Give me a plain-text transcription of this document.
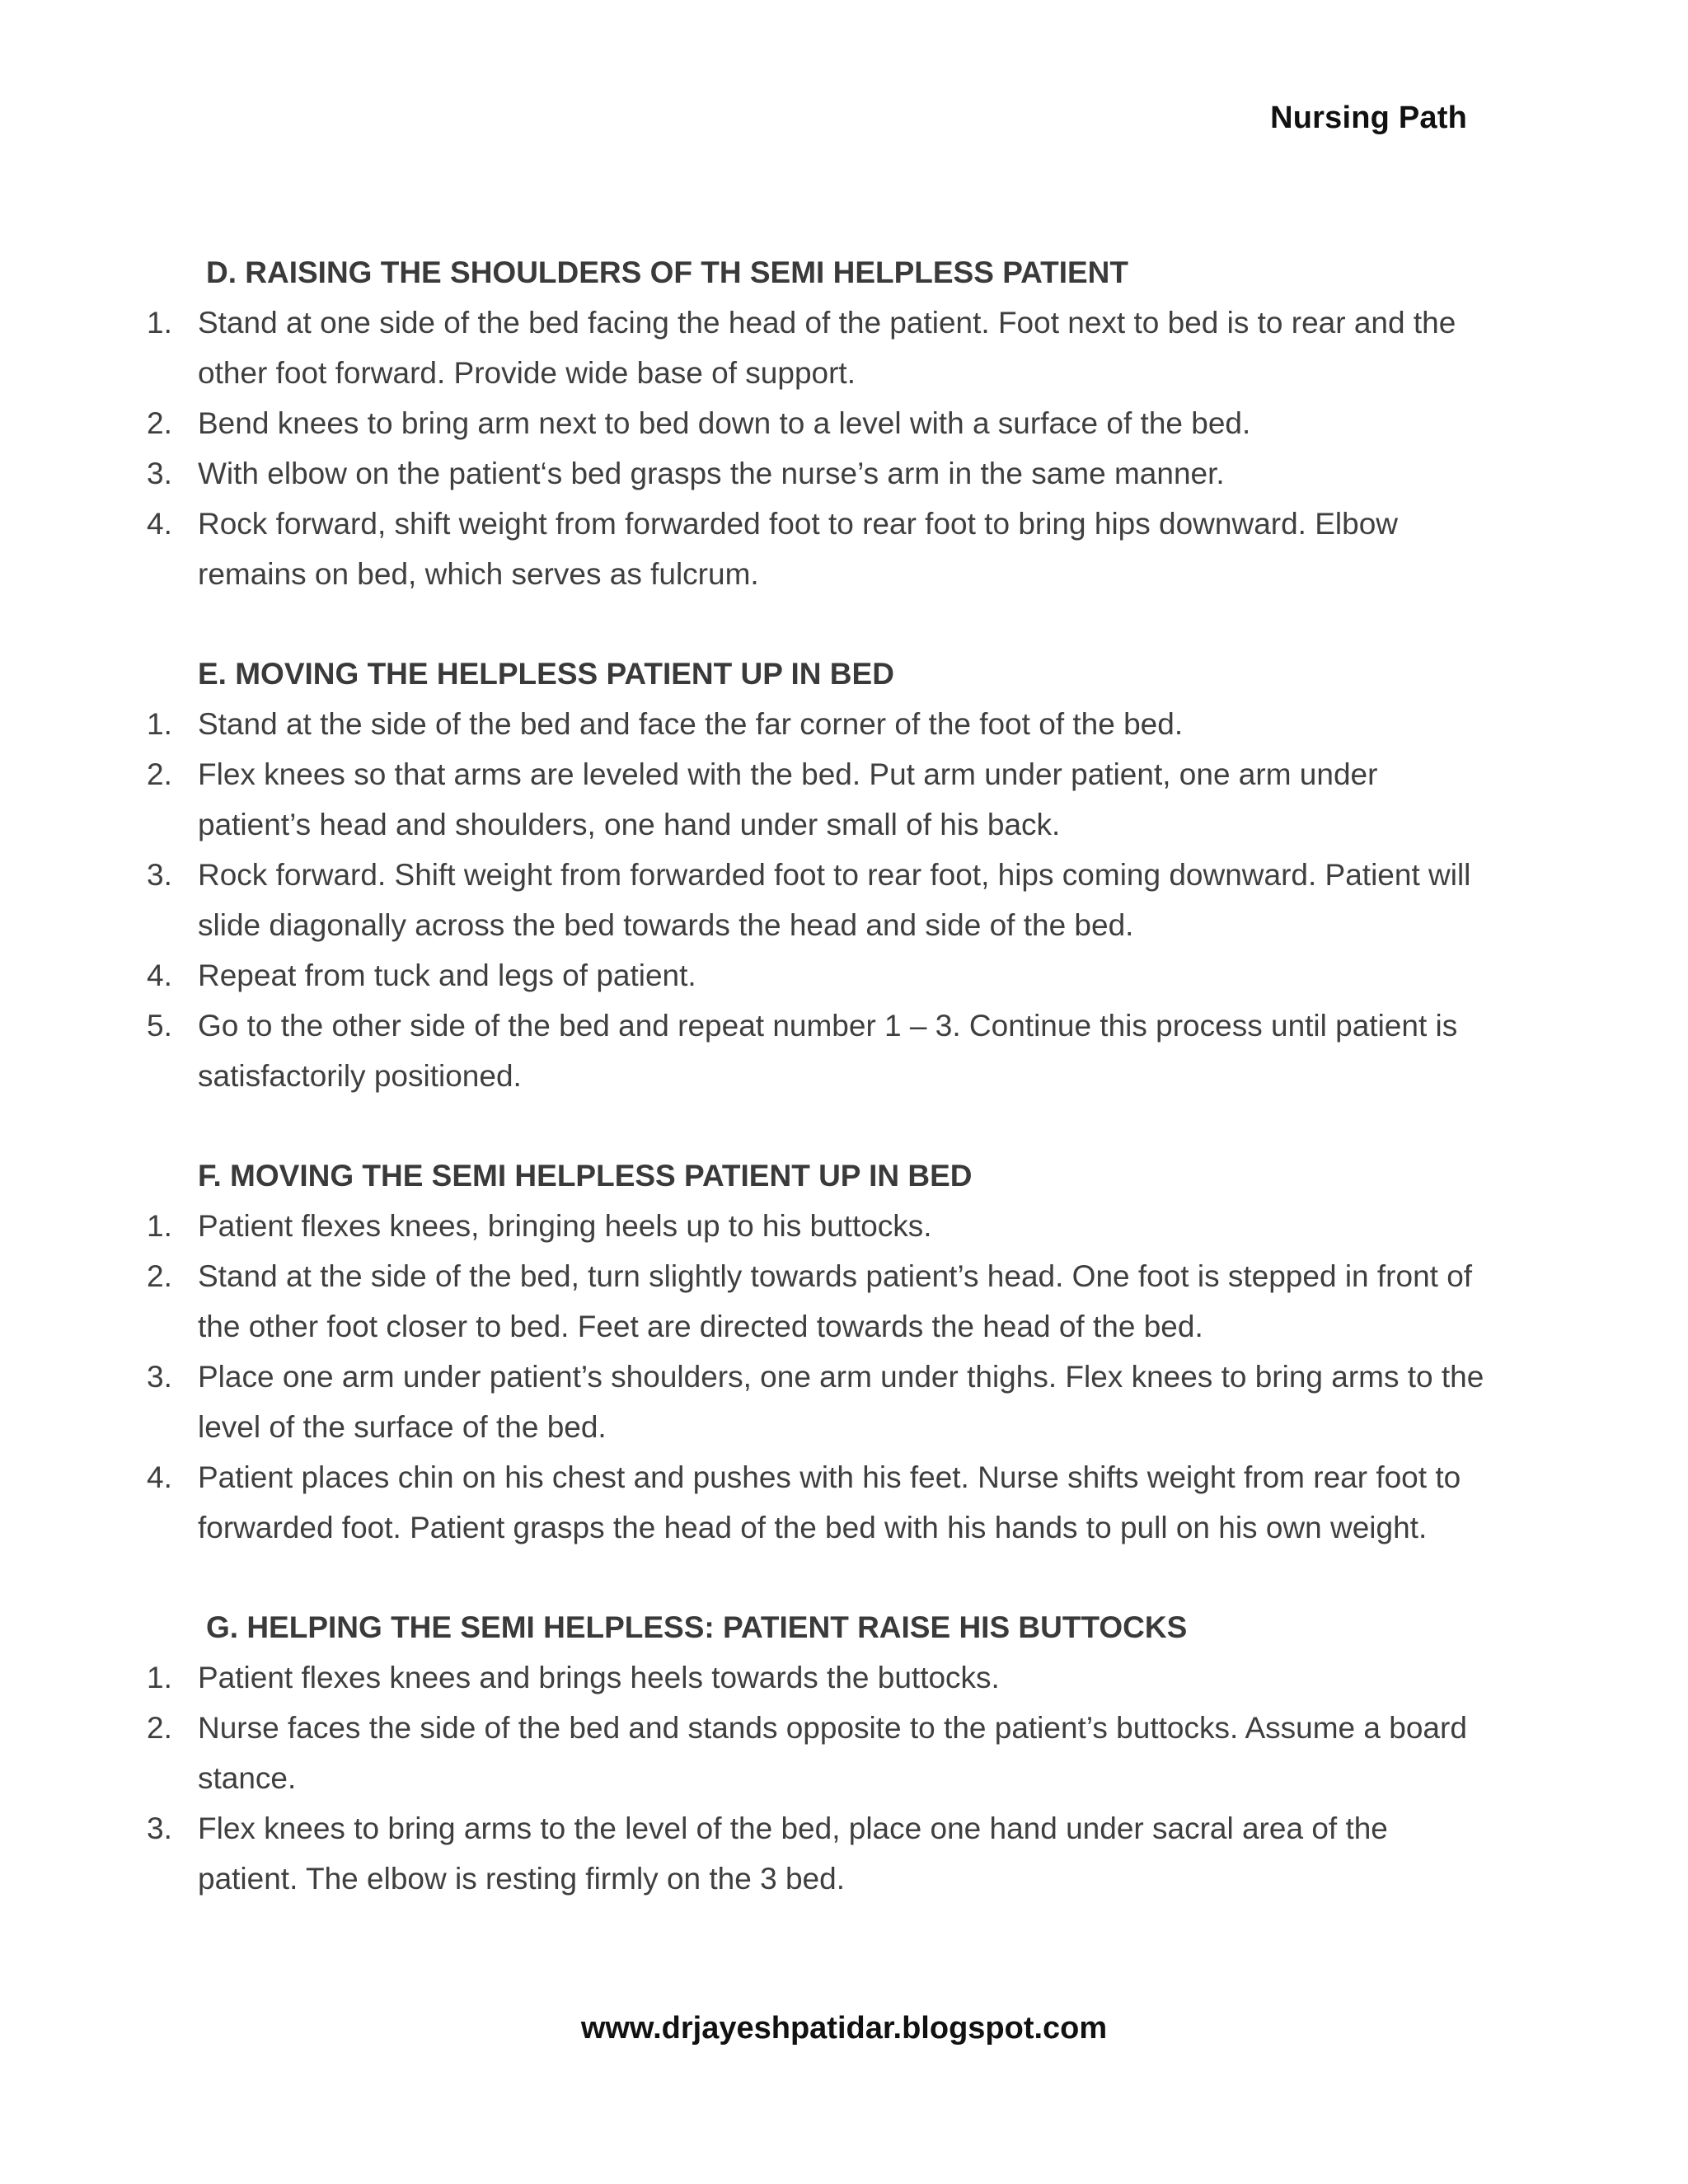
Nursing Path
D. RAISING THE SHOULDERS OF TH SEMI HELPLESS PATIENT
1. Stand at one side of the bed facing the head of the patient. Foot next to bed is to rear and the other foot forward. Provide wide base of support.
2. Bend knees to bring arm next to bed down to a level with a surface of the bed.
3. With elbow on the patient‘s bed grasps the nurse’s arm in the same manner.
4. Rock forward, shift weight from forwarded foot to rear foot to bring hips downward. Elbow remains on bed, which serves as fulcrum.
E. MOVING THE HELPLESS PATIENT UP IN BED
1. Stand at the side of the bed and face the far corner of the foot of the bed.
2. Flex knees so that arms are leveled with the bed. Put arm under patient, one arm under patient’s head and shoulders, one hand under small of his back.
3. Rock forward. Shift weight from forwarded foot to rear foot, hips coming downward. Patient will slide diagonally across the bed towards the head and side of the bed.
4. Repeat from tuck and legs of patient.
5. Go to the other side of the bed and repeat number 1 – 3. Continue this process until patient is satisfactorily positioned.
F. MOVING THE SEMI HELPLESS PATIENT UP IN BED
1. Patient flexes knees, bringing heels up to his buttocks.
2. Stand at the side of the bed, turn slightly towards patient’s head. One foot is stepped in front of the other foot closer to bed. Feet are directed towards the head of the bed.
3. Place one arm under patient’s shoulders, one arm under thighs. Flex knees to bring arms to the level of the surface of the bed.
4. Patient places chin on his chest and pushes with his feet. Nurse shifts weight from rear foot to forwarded foot. Patient grasps the head of the bed with his hands to pull on his own weight.
G. HELPING THE SEMI HELPLESS: PATIENT RAISE HIS BUTTOCKS
1. Patient flexes knees and brings heels towards the buttocks.
2. Nurse faces the side of the bed and stands opposite to the patient’s buttocks. Assume a board stance.
3. Flex knees to bring arms to the level of the bed, place one hand under sacral area of the patient. The elbow is resting firmly on the 3 bed.
www.drjayeshpatidar.blogspot.com
